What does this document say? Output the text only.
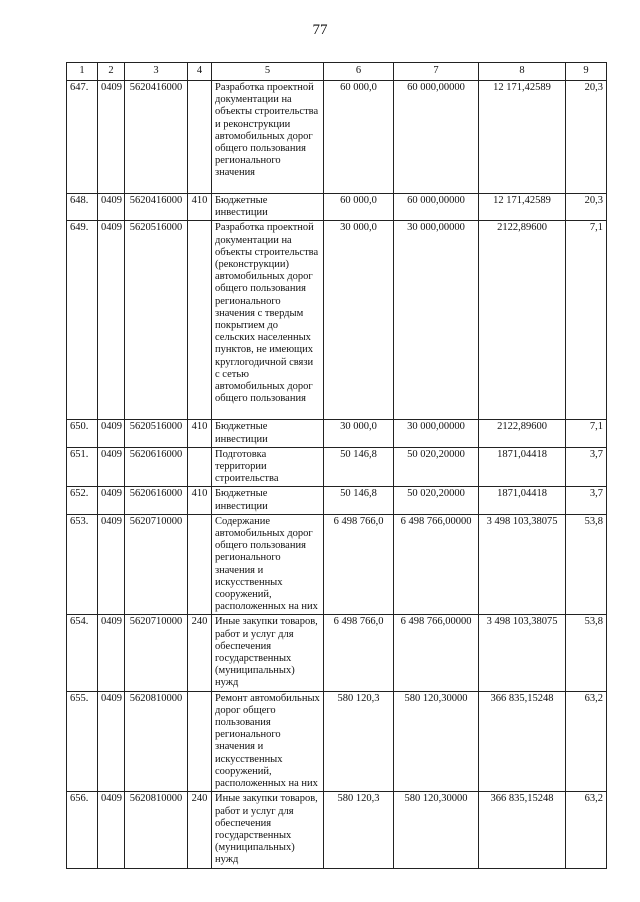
77
1	2	3	4	5	6	7	8	9
647.	0409	5620416000		Разработка проектной документации на объекты строительства и реконструкции автомобильных дорог общего пользования регионального значения	60 000,0	60 000,00000	12 171,42589	20,3
648.	0409	5620416000	410	Бюджетные инвестиции	60 000,0	60 000,00000	12 171,42589	20,3
649.	0409	5620516000		Разработка проектной документации на объекты строительства (реконструкции) автомобильных дорог общего пользования регионального значения с твердым покрытием до сельских населенных пунктов, не имеющих круглогодичной связи с сетью автомобильных дорог общего пользования	30 000,0	30 000,00000	2122,89600	7,1
650.	0409	5620516000	410	Бюджетные инвестиции	30 000,0	30 000,00000	2122,89600	7,1
651.	0409	5620616000		Подготовка территории строительства	50 146,8	50 020,20000	1871,04418	3,7
652.	0409	5620616000	410	Бюджетные инвестиции	50 146,8	50 020,20000	1871,04418	3,7
653.	0409	5620710000		Содержание автомобильных дорог общего пользования регионального значения и искусственных сооружений, расположенных на них	6 498 766,0	6 498 766,00000	3 498 103,38075	53,8
654.	0409	5620710000	240	Иные закупки товаров, работ и услуг для обеспечения государственных (муниципальных) нужд	6 498 766,0	6 498 766,00000	3 498 103,38075	53,8
655.	0409	5620810000		Ремонт автомобильных дорог общего пользования регионального значения и искусственных сооружений, расположенных на них	580 120,3	580 120,30000	366 835,15248	63,2
656.	0409	5620810000	240	Иные закупки товаров, работ и услуг для обеспечения государственных (муниципальных) нужд	580 120,3	580 120,30000	366 835,15248	63,2
